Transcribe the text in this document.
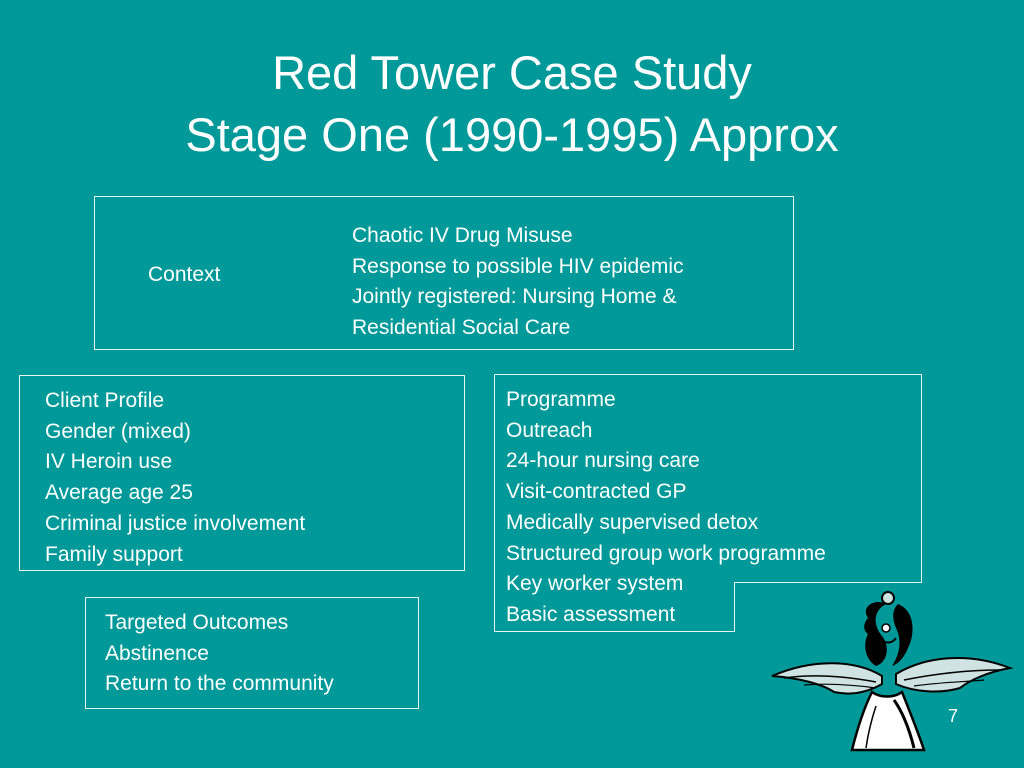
Red Tower Case Study
Stage One (1990-1995) Approx
Context
Chaotic IV Drug Misuse
Response to possible HIV epidemic
Jointly registered: Nursing Home &
Residential Social Care
Client Profile
Gender (mixed)
IV Heroin use
Average age 25
Criminal justice involvement
Family support
Programme
Outreach
24-hour nursing care
Visit-contracted GP
Medically supervised detox
Structured group work programme
Key worker system
Basic assessment
Targeted Outcomes
Abstinence
Return to the community
7
